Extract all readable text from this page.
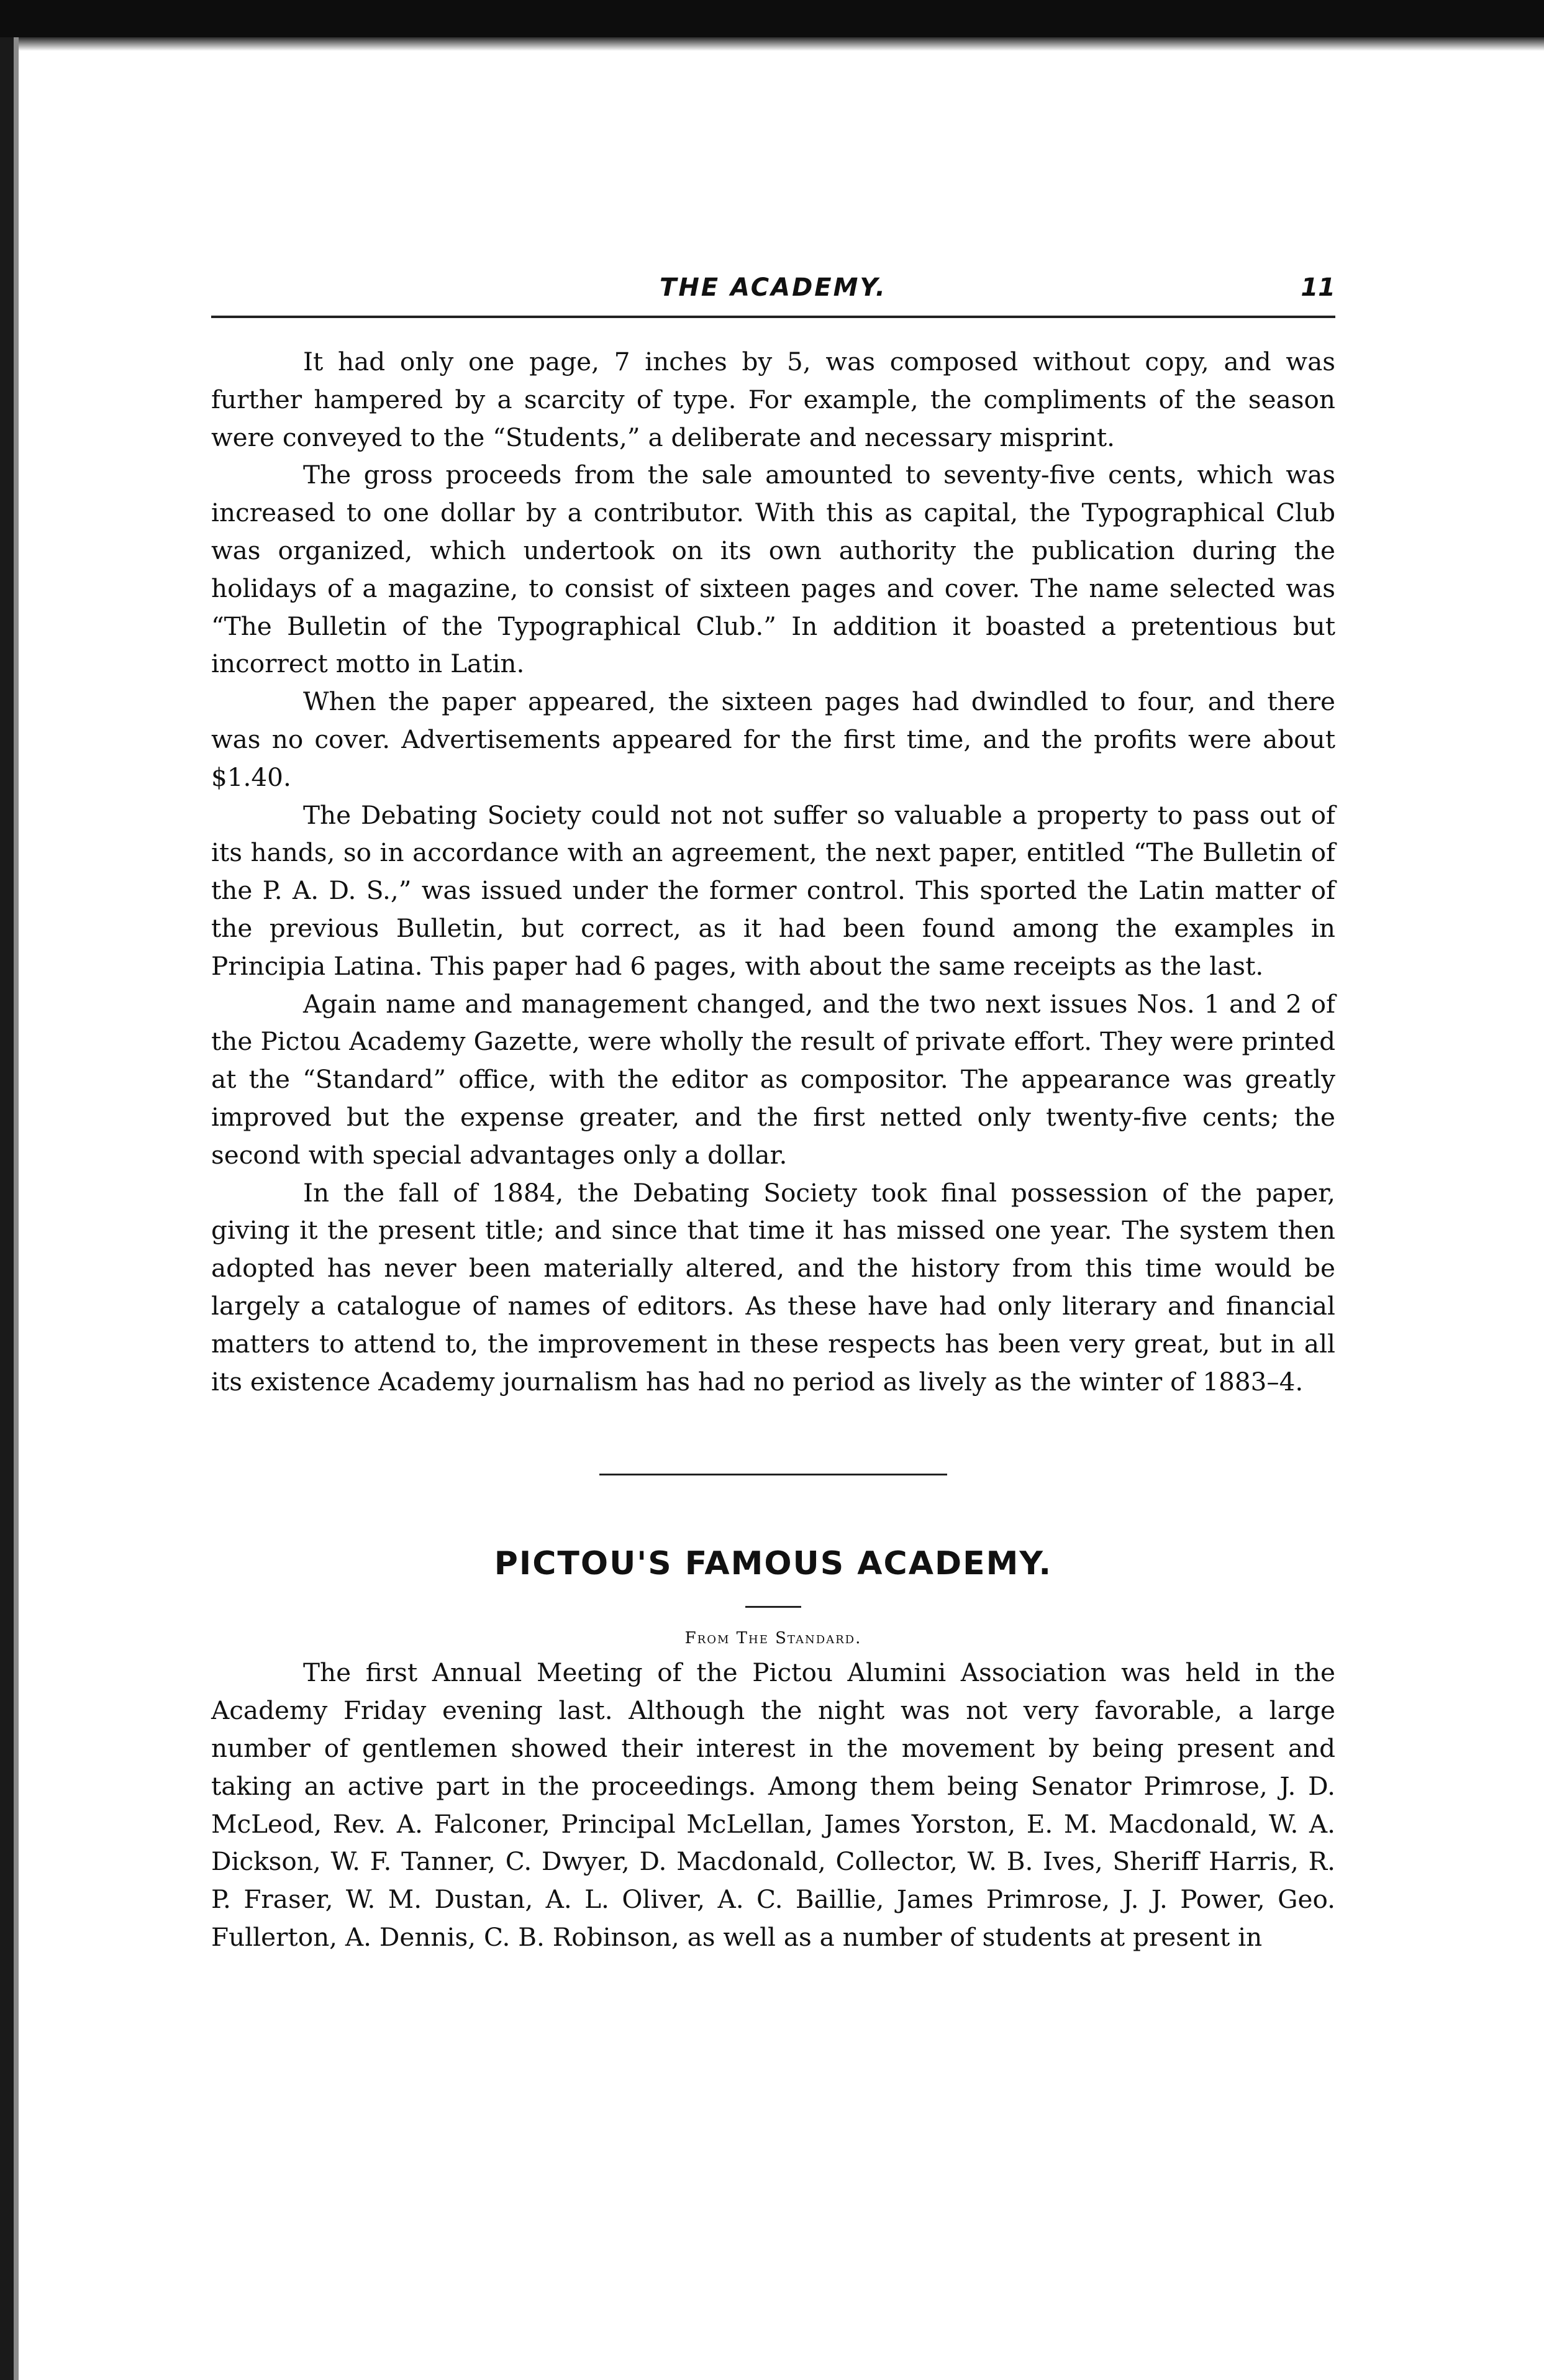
THE ACADEMY.	11

It had only one page, 7 inches by 5, was composed without copy, and was further hampered by a scarcity of type. For example, the compliments of the season were conveyed to the “Students,” a deliberate and necessary misprint.

The gross proceeds from the sale amounted to seventy-five cents, which was increased to one dollar by a contributor. With this as capital, the Typographical Club was organized, which undertook on its own authority the publication during the holidays of a magazine, to consist of sixteen pages and cover. The name selected was “The Bulletin of the Typographical Club.” In addition it boasted a pretentious but incorrect motto in Latin.

When the paper appeared, the sixteen pages had dwindled to four, and there was no cover. Advertisements appeared for the first time, and the profits were about $1.40.

The Debating Society could not not suffer so valuable a property to pass out of its hands, so in accordance with an agreement, the next paper, entitled “The Bulletin of the P. A. D. S.,” was issued under the former control. This sported the Latin matter of the previous Bulletin, but correct, as it had been found among the examples in Principia Latina. This paper had 6 pages, with about the same receipts as the last.

Again name and management changed, and the two next issues Nos. 1 and 2 of the Pictou Academy Gazette, were wholly the result of private effort. They were printed at the “Standard” office, with the editor as compositor. The appearance was greatly improved but the expense greater, and the first netted only twenty-five cents; the second with special advantages only a dollar.

In the fall of 1884, the Debating Society took final possession of the paper, giving it the present title; and since that time it has missed one year. The system then adopted has never been materially altered, and the history from this time would be largely a catalogue of names of editors. As these have had only literary and financial matters to attend to, the improvement in these respects has been very great, but in all its existence Academy journalism has had no period as lively as the winter of 1883–4.

PICTOU'S FAMOUS ACADEMY.
From The Standard.

The first Annual Meeting of the Pictou Alumini Association was held in the Academy Friday evening last. Although the night was not very favorable, a large number of gentlemen showed their interest in the movement by being present and taking an active part in the proceedings. Among them being Senator Primrose, J. D. McLeod, Rev. A. Falconer, Principal McLellan, James Yorston, E. M. Macdonald, W. A. Dickson, W. F. Tanner, C. Dwyer, D. Macdonald, Collector, W. B. Ives, Sheriff Harris, R. P. Fraser, W. M. Dustan, A. L. Oliver, A. C. Baillie, James Primrose, J. J. Power, Geo. Fullerton, A. Dennis, C. B. Robinson, as well as a number of students at present in
